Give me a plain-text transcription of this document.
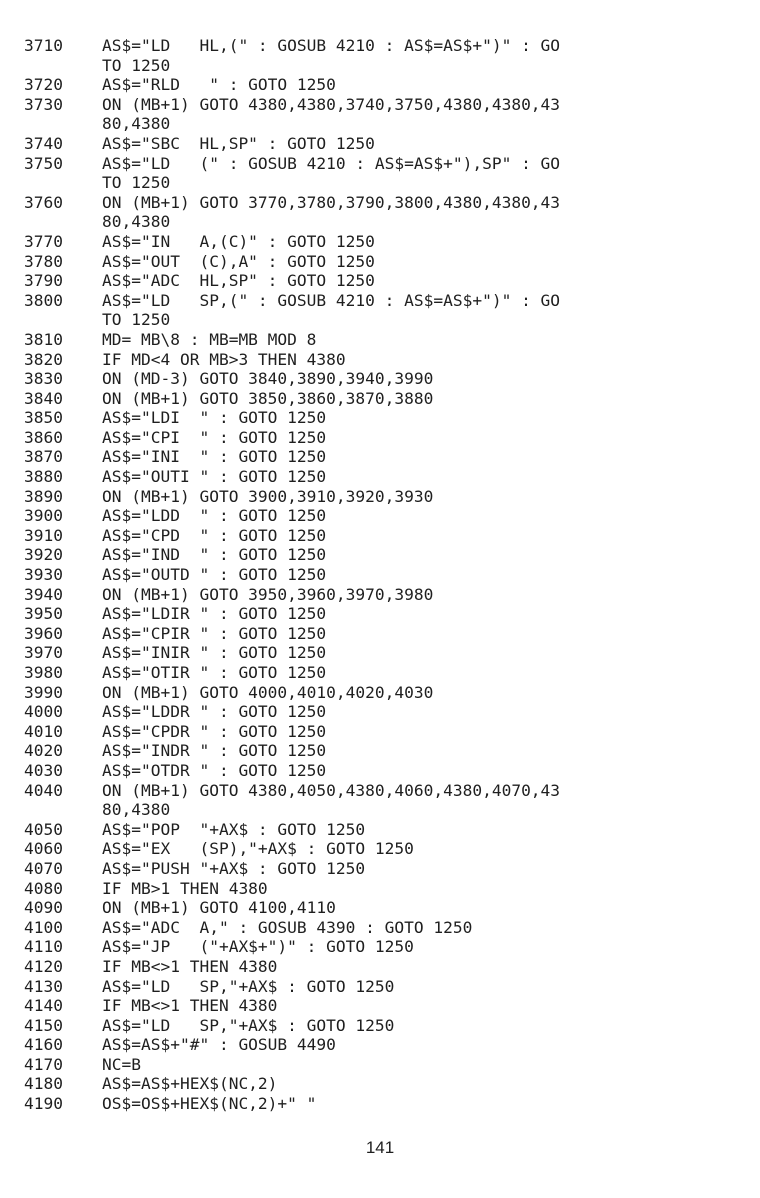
3710	AS$="LD   HL,(" : GOSUB 4210 : AS$=AS$+")" : GO
TO 1250
3720	AS$="RLD   " : GOTO 1250
3730	ON (MB+1) GOTO 4380,4380,3740,3750,4380,4380,43
80,4380
3740	AS$="SBC  HL,SP" : GOTO 1250
3750	AS$="LD   (" : GOSUB 4210 : AS$=AS$+"),SP" : GO
TO 1250
3760	ON (MB+1) GOTO 3770,3780,3790,3800,4380,4380,43
80,4380
3770	AS$="IN   A,(C)" : GOTO 1250
3780	AS$="OUT  (C),A" : GOTO 1250
3790	AS$="ADC  HL,SP" : GOTO 1250
3800	AS$="LD   SP,(" : GOSUB 4210 : AS$=AS$+")" : GO
TO 1250
3810	MD= MB\8 : MB=MB MOD 8
3820	IF MD<4 OR MB>3 THEN 4380
3830	ON (MD-3) GOTO 3840,3890,3940,3990
3840	ON (MB+1) GOTO 3850,3860,3870,3880
3850	AS$="LDI  " : GOTO 1250
3860	AS$="CPI  " : GOTO 1250
3870	AS$="INI  " : GOTO 1250
3880	AS$="OUTI " : GOTO 1250
3890	ON (MB+1) GOTO 3900,3910,3920,3930
3900	AS$="LDD  " : GOTO 1250
3910	AS$="CPD  " : GOTO 1250
3920	AS$="IND  " : GOTO 1250
3930	AS$="OUTD " : GOTO 1250
3940	ON (MB+1) GOTO 3950,3960,3970,3980
3950	AS$="LDIR " : GOTO 1250
3960	AS$="CPIR " : GOTO 1250
3970	AS$="INIR " : GOTO 1250
3980	AS$="OTIR " : GOTO 1250
3990	ON (MB+1) GOTO 4000,4010,4020,4030
4000	AS$="LDDR " : GOTO 1250
4010	AS$="CPDR " : GOTO 1250
4020	AS$="INDR " : GOTO 1250
4030	AS$="OTDR " : GOTO 1250
4040	ON (MB+1) GOTO 4380,4050,4380,4060,4380,4070,43
80,4380
4050	AS$="POP  "+AX$ : GOTO 1250
4060	AS$="EX   (SP),"+AX$ : GOTO 1250
4070	AS$="PUSH "+AX$ : GOTO 1250
4080	IF MB>1 THEN 4380
4090	ON (MB+1) GOTO 4100,4110
4100	AS$="ADC  A," : GOSUB 4390 : GOTO 1250
4110	AS$="JP   ("+AX$+")" : GOTO 1250
4120	IF MB<>1 THEN 4380
4130	AS$="LD   SP,"+AX$ : GOTO 1250
4140	IF MB<>1 THEN 4380
4150	AS$="LD   SP,"+AX$ : GOTO 1250
4160	AS$=AS$+"#" : GOSUB 4490
4170	NC=B
4180	AS$=AS$+HEX$(NC,2)
4190	OS$=OS$+HEX$(NC,2)+" "
141
